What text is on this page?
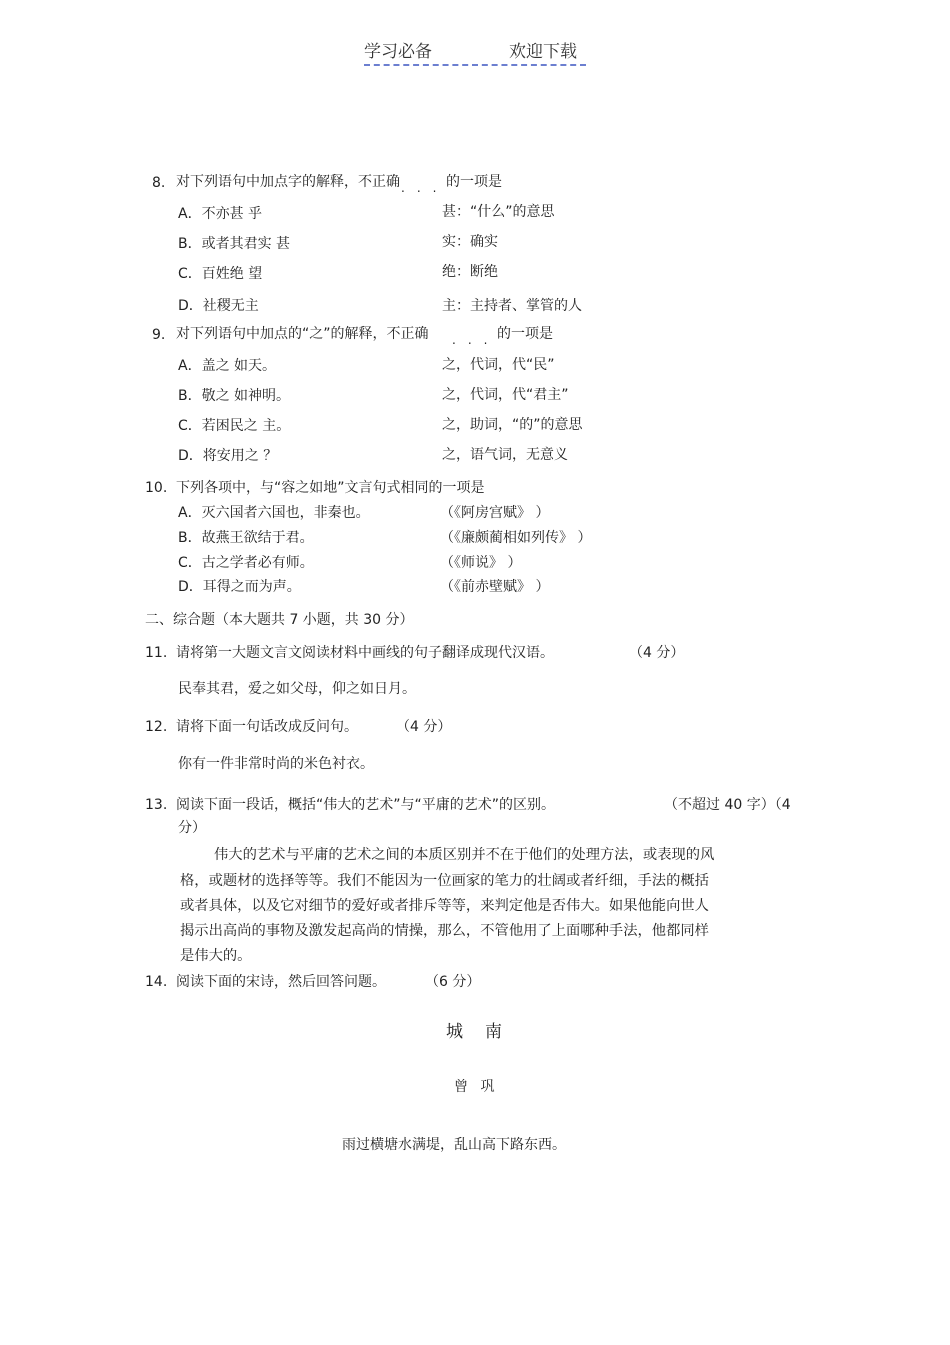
学习必备	欢迎下载
8. 对下列语句中加点字的解释，不正确 ...
的一项是
A．不亦甚 乎	甚：“什么”的意思
B．或者其君实 甚	实：确实
C．百姓绝 望	绝：断绝
D．社稷无主	主：主持者、掌管的人
9. 对下列语句中加点的“之”的解释，不正确 ...
的一项是
A．盖之 如天。	之，代词，代“民”
B．敬之 如神明。	之，代词，代“君主”
C．若困民之 主。	之，助词，“的”的意思
D．将安用之 ？	之，语气词，无意义
10. 下列各项中，与“容之如地”文言句式相同的一项是
A．灭六国者六国也，非秦也。	（《阿房宫赋》 ）
B．故燕王欲结于君。	（《廉颇蔺相如列传》 ）
C．古之学者必有师。	（《师说》 ）
D．耳得之而为声。	（《前赤壁赋》 ）
二、综合题（本大题共 7 小题，共 30 分）
11. 请将第一大题文言文阅读材料中画线的句子翻译成现代汉语。	（4 分）
民奉其君，爱之如父母，仰之如日月。
12. 请将下面一句话改成反问句。	（4 分）
你有一件非常时尚的米色衬衣。
13. 阅读下面一段话，概括“伟大的艺术”与“平庸的艺术”的区别。	（不超过 40 字）（4
分）
伟大的艺术与平庸的艺术之间的本质区别并不在于他们的处理方法，或表现的风
格，或题材的选择等等。我们不能因为一位画家的笔力的壮阔或者纤细，手法的概括
或者具体，以及它对细节的爱好或者排斥等等，来判定他是否伟大。如果他能向世人
揭示出高尚的事物及激发起高尚的情操，那么，不管他用了上面哪种手法，他都同样
是伟大的。
14. 阅读下面的宋诗，然后回答问题。	（6 分）
城南
曾 巩
雨过横塘水满堤，乱山高下路东西。
